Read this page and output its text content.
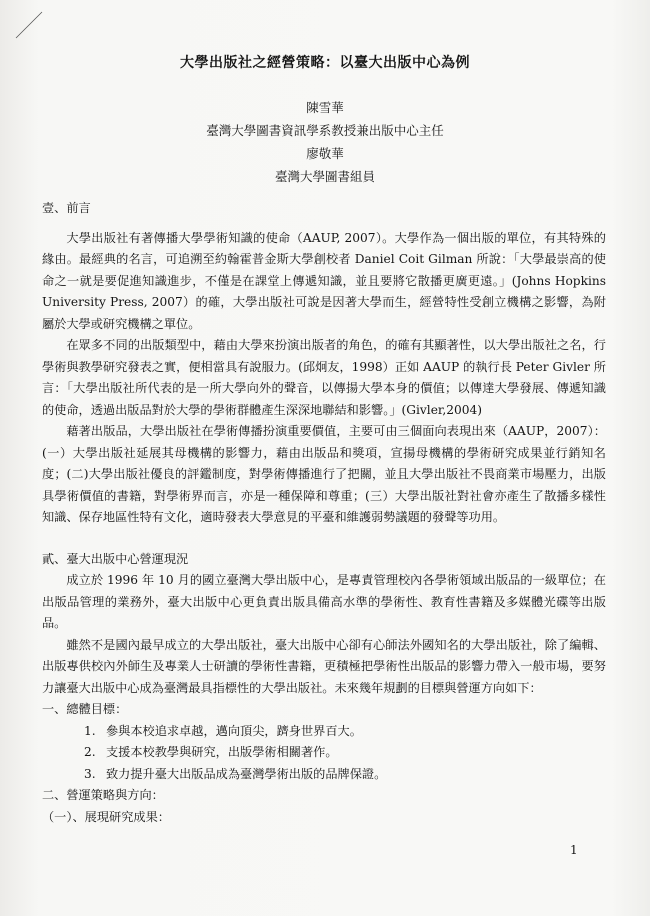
大學出版社之經營策略：以臺大出版中心為例
陳雪華
臺灣大學圖書資訊學系教授兼出版中心主任
廖敬華
臺灣大學圖書組員
壹、前言

大學出版社有著傳播大學學術知識的使命（AAUP, 2007）。大學作為一個出版的單位，有其特殊的緣由。最經典的名言，可追溯至約翰霍普金斯大學創校者 Daniel Coit Gilman 所說：「大學最崇高的使命之一就是要促進知識進步，不僅是在課堂上傳遞知識，並且要將它散播更廣更遠。」(Johns Hopkins University Press, 2007）的確，大學出版社可說是因著大學而生，經營特性受創立機構之影響，為附屬於大學或研究機構之單位。

在眾多不同的出版類型中，藉由大學來扮演出版者的角色，的確有其顯著性，以大學出版社之名，行學術與教學研究發表之實，便相當具有說服力。(邱炯友，1998）正如 AAUP 的執行長 Peter Givler 所言：「大學出版社所代表的是一所大學向外的聲音，以傳揚大學本身的價值；以傳達大學發展、傳遞知識的使命，透過出版品對於大學的學術群體產生深深地聯結和影響。」(Givler,2004)

藉著出版品，大學出版社在學術傳播扮演重要價值，主要可由三個面向表現出來（AAUP，2007）：(一）大學出版社延展其母機構的影響力，藉由出版品和獎項，宣揚母機構的學術研究成果並行銷知名度；(二)大學出版社優良的評鑑制度，對學術傳播進行了把關，並且大學出版社不畏商業市場壓力，出版具學術價值的書籍，對學術界而言，亦是一種保障和尊重；(三）大學出版社對社會亦產生了散播多樣性知識、保存地區性特有文化，適時發表大學意見的平臺和維護弱勢議題的發聲等功用。

貳、臺大出版中心營運現況

成立於 1996 年 10 月的國立臺灣大學出版中心，是專責管理校內各學術領域出版品的一級單位；在出版品管理的業務外，臺大出版中心更負責出版具備高水準的學術性、教育性書籍及多媒體光碟等出版品。

雖然不是國內最早成立的大學出版社，臺大出版中心卻有心師法外國知名的大學出版社，除了編輯、出版專供校內外師生及專業人士研讀的學術性書籍，更積極把學術性出版品的影響力帶入一般市場，要努力讓臺大出版中心成為臺灣最具指標性的大學出版社。未來幾年規劃的目標與營運方向如下：

一、總體目標：
1. 參與本校追求卓越，邁向頂尖，躋身世界百大。
2. 支援本校教學與研究，出版學術相關著作。
3. 致力提升臺大出版品成為臺灣學術出版的品牌保證。
二、營運策略與方向：
（一）、展現研究成果：
1
